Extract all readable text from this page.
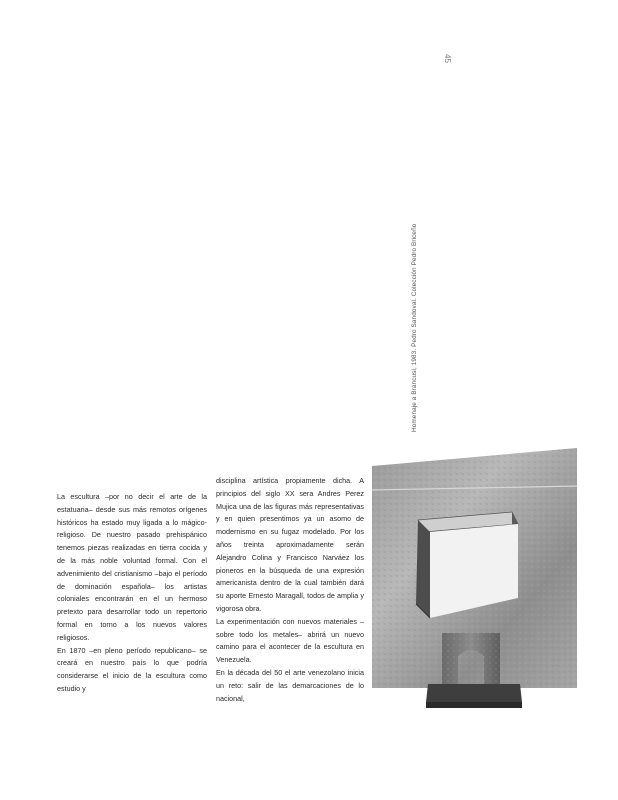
45
Homenaje a Brancusi, 1983. Pedro Sandoval. Colección Pedro Briceño

La escultura –por no decir el arte de la estatuaria– desde sus más remotos orígenes históricos ha estado muy ligada a lo mágico-religioso. De nuestro pasado prehispánico tenemos piezas realizadas en tierra cocida y de la más noble voluntad formal. Con el advenimiento del cristianismo –bajo el período de dominación española– los artistas coloniales encontrarán en el un hermoso pretexto para desarrollar todo un repertorio formal en torno a los nuevos valores religiosos.

En 1870 –en pleno período republicano– se creará en nuestro país lo que podría considerarse el inicio de la escultura como estudio y

disciplina artística propiamente dicha. A principios del siglo XX sera Andres Perez Mujica una de las figuras más representativas y en quien presentimos ya un asomo de modernismo en su fugaz modelado. Por los años treinta aproximadamente serán Alejandro Colina y Francisco Narváez los pioneros en la búsqueda de una expresión americanista dentro de la cual también dará su aporte Ernesto Maragall, todos de amplia y vigorosa obra.

La experimentación con nuevos materiales –sobre todo los metales– abrirá un nuevo camino para el acontecer de la escultura en Venezuela.

En la década del 50 el arte venezolano inicia un reto: salir de las demarcaciones de lo nacional,
